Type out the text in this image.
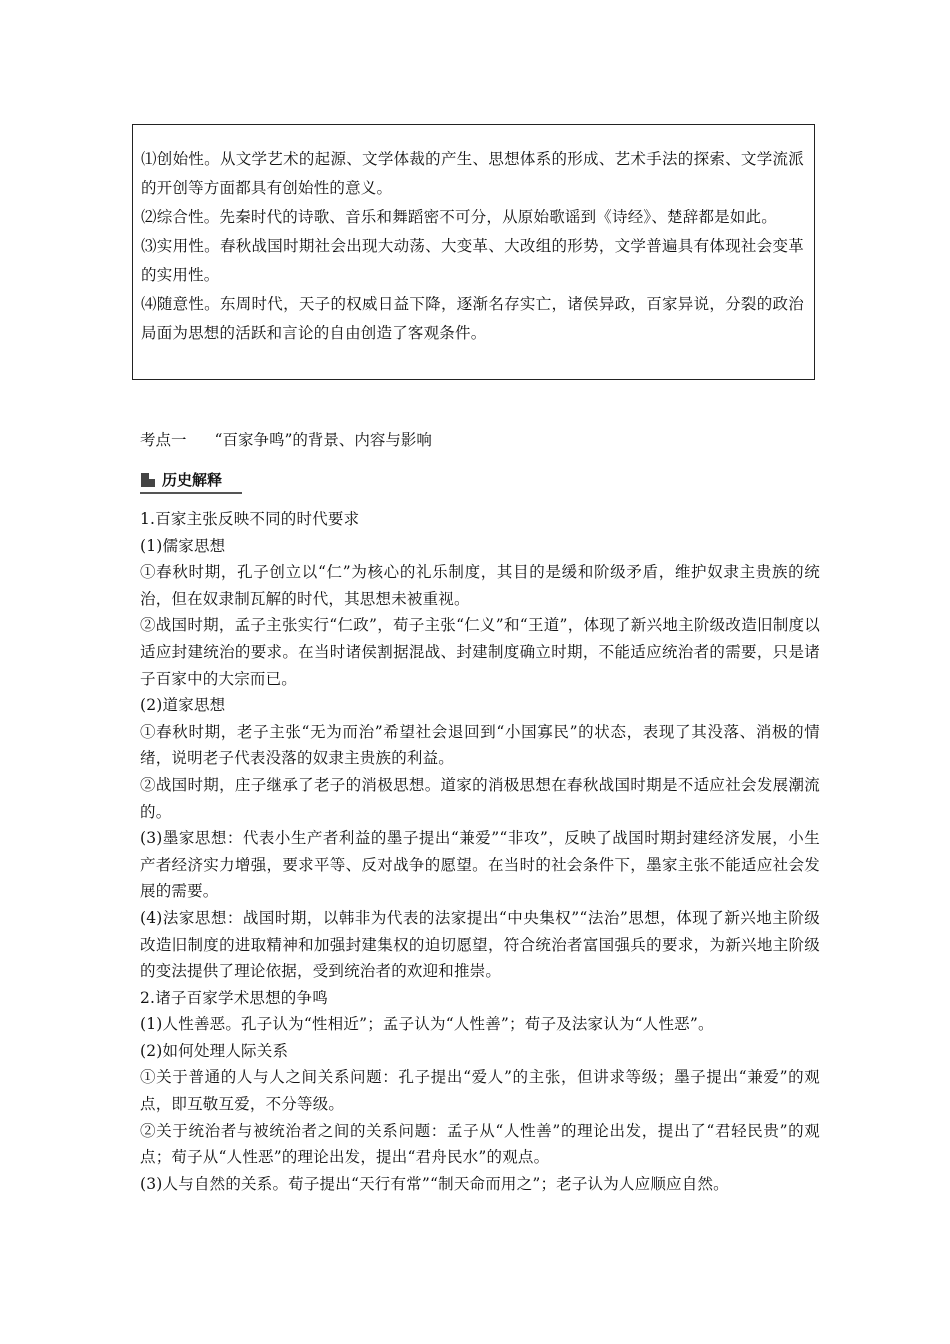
⑴创始性。从文学艺术的起源、文学体裁的产生、思想体系的形成、艺术手法的探索、文学流派的开创等方面都具有创始性的意义。

⑵综合性。先秦时代的诗歌、音乐和舞蹈密不可分，从原始歌谣到《诗经》、楚辞都是如此。

⑶实用性。春秋战国时期社会出现大动荡、大变革、大改组的形势，文学普遍具有体现社会变革的实用性。

⑷随意性。东周时代，天子的权威日益下降，逐渐名存实亡，诸侯异政，百家异说，分裂的政治局面为思想的活跃和言论的自由创造了客观条件。

考点一 “百家争鸣”的背景、内容与影响

历史解释

1.百家主张反映不同的时代要求

(1)儒家思想

①春秋时期，孔子创立以“仁”为核心的礼乐制度，其目的是缓和阶级矛盾，维护奴隶主贵族的统治，但在奴隶制瓦解的时代，其思想未被重视。

②战国时期，孟子主张实行“仁政”，荀子主张“仁义”和“王道”，体现了新兴地主阶级改造旧制度以适应封建统治的要求。在当时诸侯割据混战、封建制度确立时期，不能适应统治者的需要，只是诸子百家中的大宗而已。

(2)道家思想

①春秋时期，老子主张“无为而治”希望社会退回到“小国寡民”的状态，表现了其没落、消极的情绪，说明老子代表没落的奴隶主贵族的利益。

②战国时期，庄子继承了老子的消极思想。道家的消极思想在春秋战国时期是不适应社会发展潮流的。

(3)墨家思想：代表小生产者利益的墨子提出“兼爱”“非攻”，反映了战国时期封建经济发展，小生产者经济实力增强，要求平等、反对战争的愿望。在当时的社会条件下，墨家主张不能适应社会发展的需要。

(4)法家思想：战国时期，以韩非为代表的法家提出“中央集权”“法治”思想，体现了新兴地主阶级改造旧制度的进取精神和加强封建集权的迫切愿望，符合统治者富国强兵的要求，为新兴地主阶级的变法提供了理论依据，受到统治者的欢迎和推崇。

2.诸子百家学术思想的争鸣

(1)人性善恶。孔子认为“性相近”；孟子认为“人性善”；荀子及法家认为“人性恶”。

(2)如何处理人际关系

①关于普通的人与人之间关系问题：孔子提出“爱人”的主张，但讲求等级；墨子提出“兼爱”的观点，即互敬互爱，不分等级。

②关于统治者与被统治者之间的关系问题：孟子从“人性善”的理论出发，提出了“君轻民贵”的观点；荀子从“人性恶”的理论出发，提出“君舟民水”的观点。

(3)人与自然的关系。荀子提出“天行有常”“制天命而用之”；老子认为人应顺应自然。
